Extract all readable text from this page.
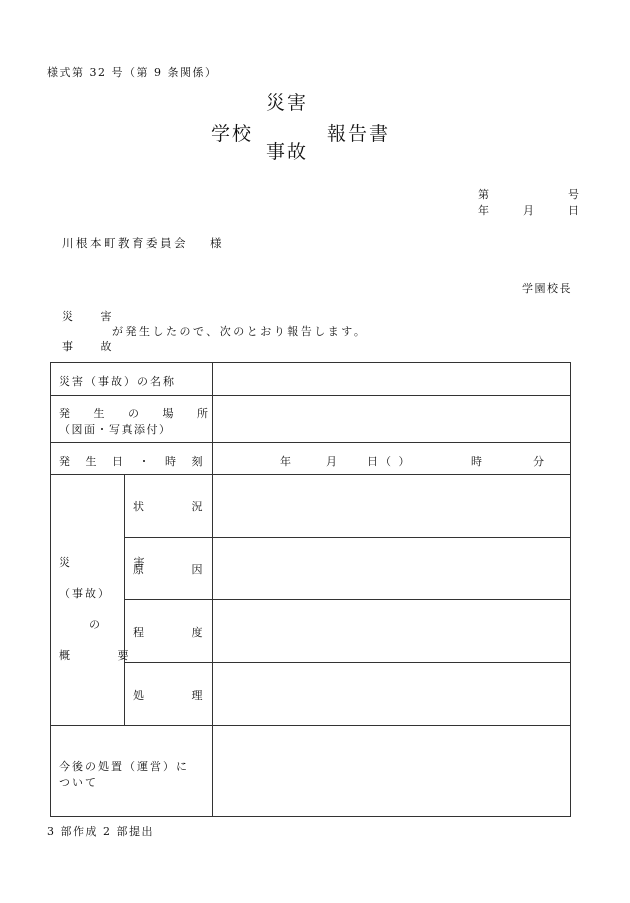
様式第 32 号（第 9 条関係）
災害
学校
事故
報告書
第	号
年	月	日
川根本町教育委員会 様
学園校長
災 害
が発生したので、次のとおり報告します。
事 故
災害（事故）の名称
発 生 の 場 所
（図面・写真添付）
発 生 日 ・ 時 刻	年	月	日（ ）	時	分
災 害
（事故）
の
概 要
状 況
原 因
程 度
処 理
今後の処置（運営）に
ついて
3 部作成 2 部提出
